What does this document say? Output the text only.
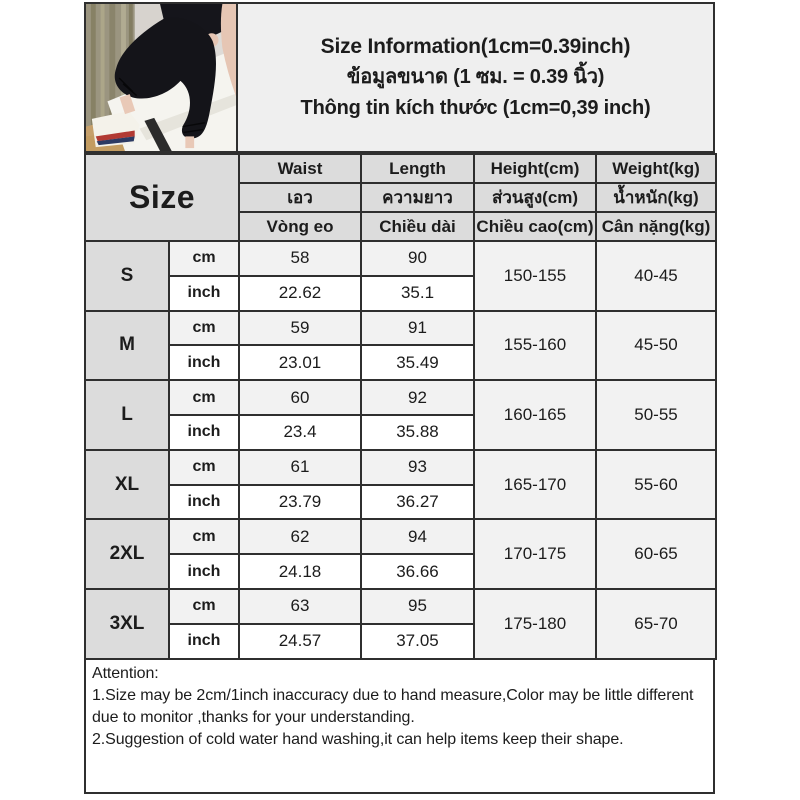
Size Information(1cm=0.39inch)
ข้อมูลขนาด (1 ซม. = 0.39 นิ้ว)
Thông tin kích thước (1cm=0,39 inch)
Size		Waist	Length	Height(cm)	Weight(kg)
		เอว	ความยาว	ส่วนสูง(cm)	น้ำหนัก(kg)
		Vòng eo	Chiều dài	Chiều cao(cm)	Cân nặng(kg)
S	cm	58	90	150-155	40-45
	inch	22.62	35.1		
M	cm	59	91	155-160	45-50
	inch	23.01	35.49		
L	cm	60	92	160-165	50-55
	inch	23.4	35.88		
XL	cm	61	93	165-170	55-60
	inch	23.79	36.27		
2XL	cm	62	94	170-175	60-65
	inch	24.18	36.66		
3XL	cm	63	95	175-180	65-70
	inch	24.57	37.05		
Attention:
1.Size may be 2cm/1inch inaccuracy due to hand measure,Color may be little different
due to monitor ,thanks for your understanding.
2.Suggestion of cold water hand washing,it can help items keep their shape.
